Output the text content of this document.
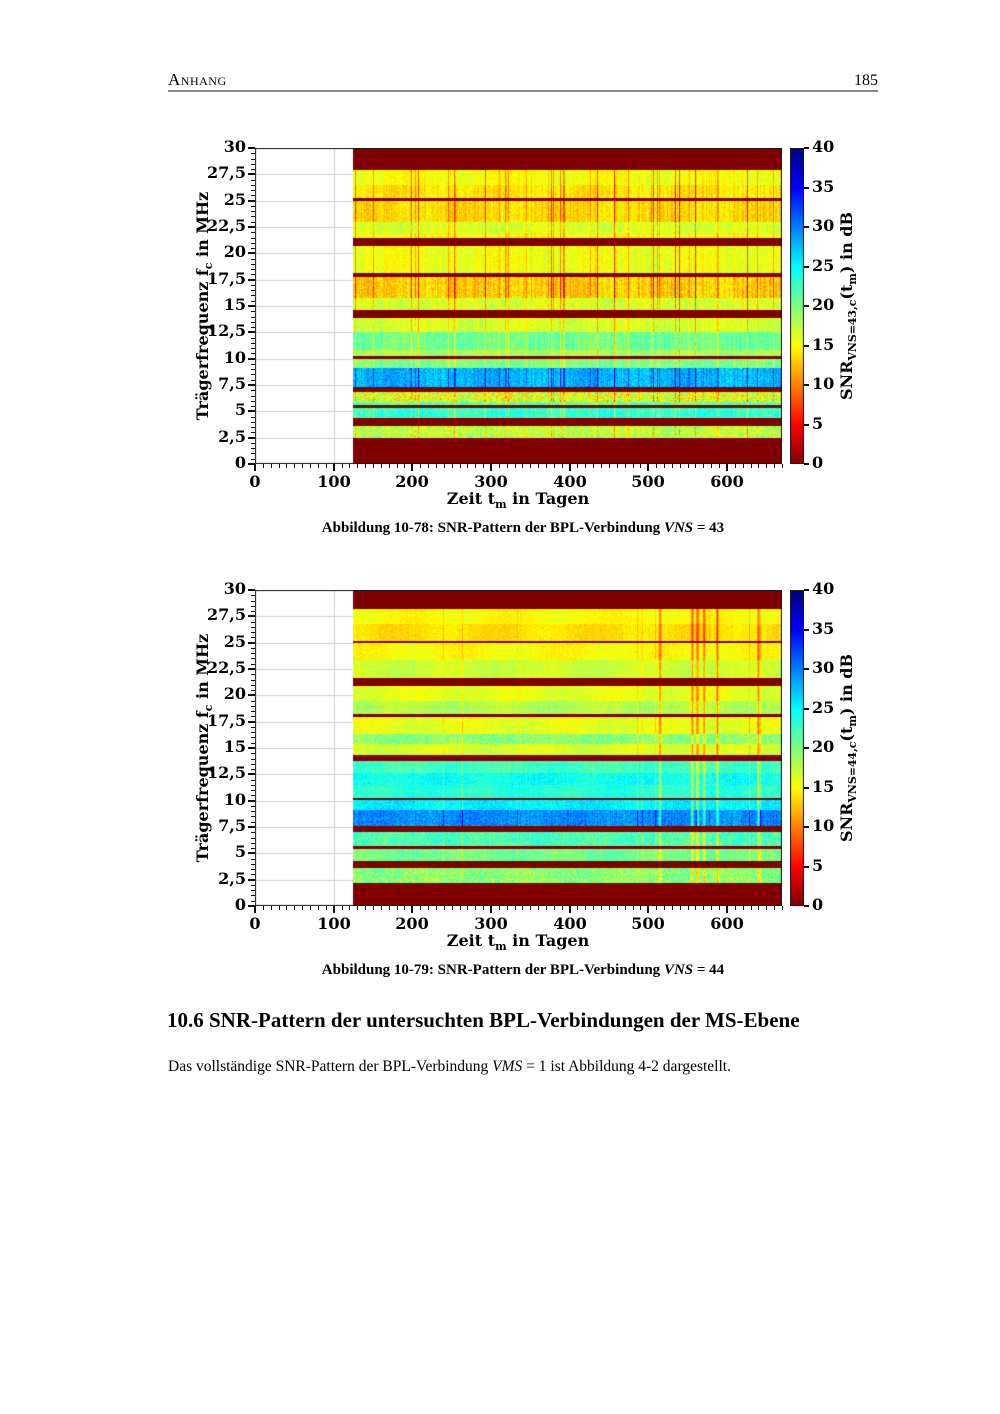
Anhang	185
Trägerfrequenz $f_c$ in MHz
Zeit $t_m$ in Tagen
$SNR_{VNS=43,c}(t_m)$ in dB
Abbildung 10-78: SNR-Pattern der BPL-Verbindung VNS = 43
0
2,5
5
7,5
10
12,5
15
17,5
20
22,5
25
27,5
30
0	100	200	300	400	500	600
0
5
10
15
20
25
30
35
40
Trägerfrequenz $f_c$ in MHz
Zeit $t_m$ in Tagen
$SNR_{VNS=44,c}(t_m)$ in dB
Abbildung 10-79: SNR-Pattern der BPL-Verbindung VNS = 44
0
2,5
5
7,5
10
12,5
15
17,5
20
22,5
25
27,5
30
0	100	200	300	400	500	600
0
5
10
15
20
25
30
35
40
10.6 SNR-Pattern der untersuchten BPL-Verbindungen der MS-Ebene

Das vollständige SNR-Pattern der BPL-Verbindung VMS = 1 ist Abbildung 4-2 dargestellt.
